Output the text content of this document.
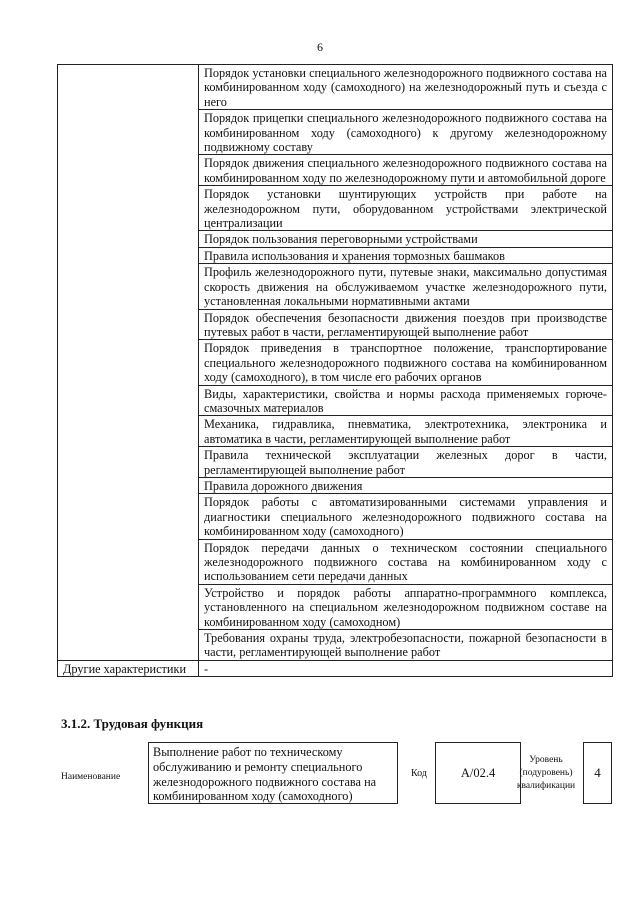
6
	Порядок установки специального железнодорожного подвижного состава на комбинированном ходу (самоходного) на железнодорожный путь и съезда с него
	Порядок прицепки специального железнодорожного подвижного состава на комбинированном ходу (самоходного) к другому железнодорожному подвижному составу
	Порядок движения специального железнодорожного подвижного состава на комбинированном ходу по железнодорожному пути и автомобильной дороге
	Порядок установки шунтирующих устройств при работе на железнодорожном пути, оборудованном устройствами электрической централизации
	Порядок пользования переговорными устройствами
	Правила использования и хранения тормозных башмаков
	Профиль железнодорожного пути, путевые знаки, максимально допустимая скорость движения на обслуживаемом участке железнодорожного пути, установленная локальными нормативными актами
	Порядок обеспечения безопасности движения поездов при производстве путевых работ в части, регламентирующей выполнение работ
	Порядок приведения в транспортное положение, транспортирование специального железнодорожного подвижного состава на комбинированном ходу (самоходного), в том числе его рабочих органов
	Виды, характеристики, свойства и нормы расхода применяемых горюче-смазочных материалов
	Механика, гидравлика, пневматика, электротехника, электроника и автоматика в части, регламентирующей выполнение работ
	Правила технической эксплуатации железных дорог в части, регламентирующей выполнение работ
	Правила дорожного движения
	Порядок работы с автоматизированными системами управления и диагностики специального железнодорожного подвижного состава на комбинированном ходу (самоходного)
	Порядок передачи данных о техническом состоянии специального железнодорожного подвижного состава на комбинированном ходу с использованием сети передачи данных
	Устройство и порядок работы аппаратно-программного комплекса, установленного на специальном железнодорожном подвижном составе на комбинированном ходу (самоходном)
	Требования охраны труда, электробезопасности, пожарной безопасности в части, регламентирующей выполнение работ
Другие характеристики	-
3.1.2. Трудовая функция
Наименование
Выполнение работ по техническому обслуживанию и ремонту специального железнодорожного подвижного состава на комбинированном ходу (самоходного)
Код	A/02.4
Уровень
(подуровень)
квалификации
4
